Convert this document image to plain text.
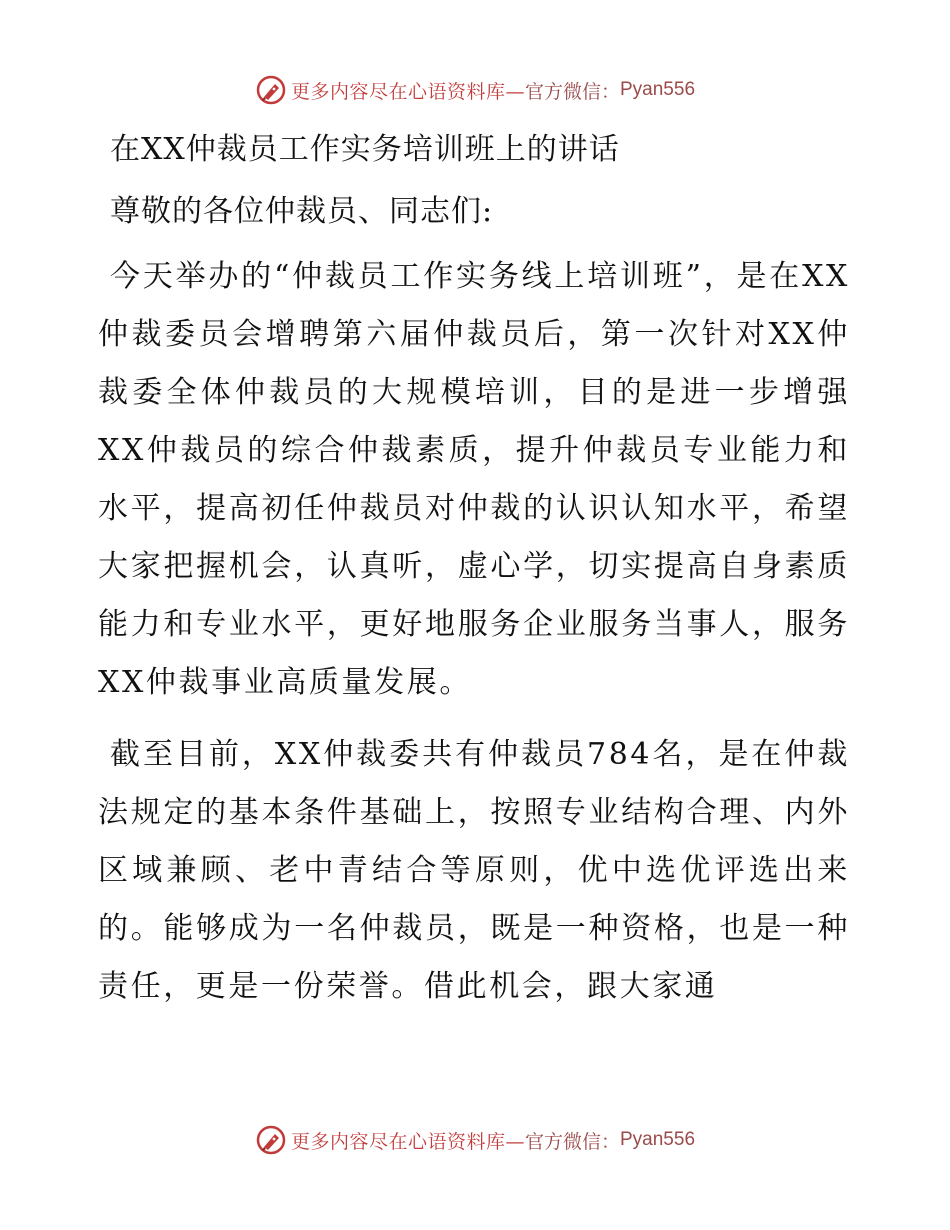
更多内容尽在心语资料库— 官方微信： Pyan556
在XX仲裁员工作实务培训班上的讲话

尊敬的各位仲裁员、同志们:

今天举办的“仲裁员工作实务线上培训班”，是在XX仲裁委员会增聘第六届仲裁员后，第一次针对XX仲裁委全体仲裁员的大规模培训，目的是进一步增强XX仲裁员的综合仲裁素质，提升仲裁员专业能力和水平，提高初任仲裁员对仲裁的认识认知水平，希望大家把握机会，认真听，虚心学，切实提高自身素质能力和专业水平，更好地服务企业服务当事人，服务XX仲裁事业高质量发展。

截至目前，XX仲裁委共有仲裁员784名，是在仲裁法规定的基本条件基础上，按照专业结构合理、内外区域兼顾、老中青结合等原则，优中选优评选出来的。能够成为一名仲裁员，既是一种资格，也是一种责任，更是一份荣誉。借此机会，跟大家通

更多内容尽在心语资料库— 官方微信： Pyan556
